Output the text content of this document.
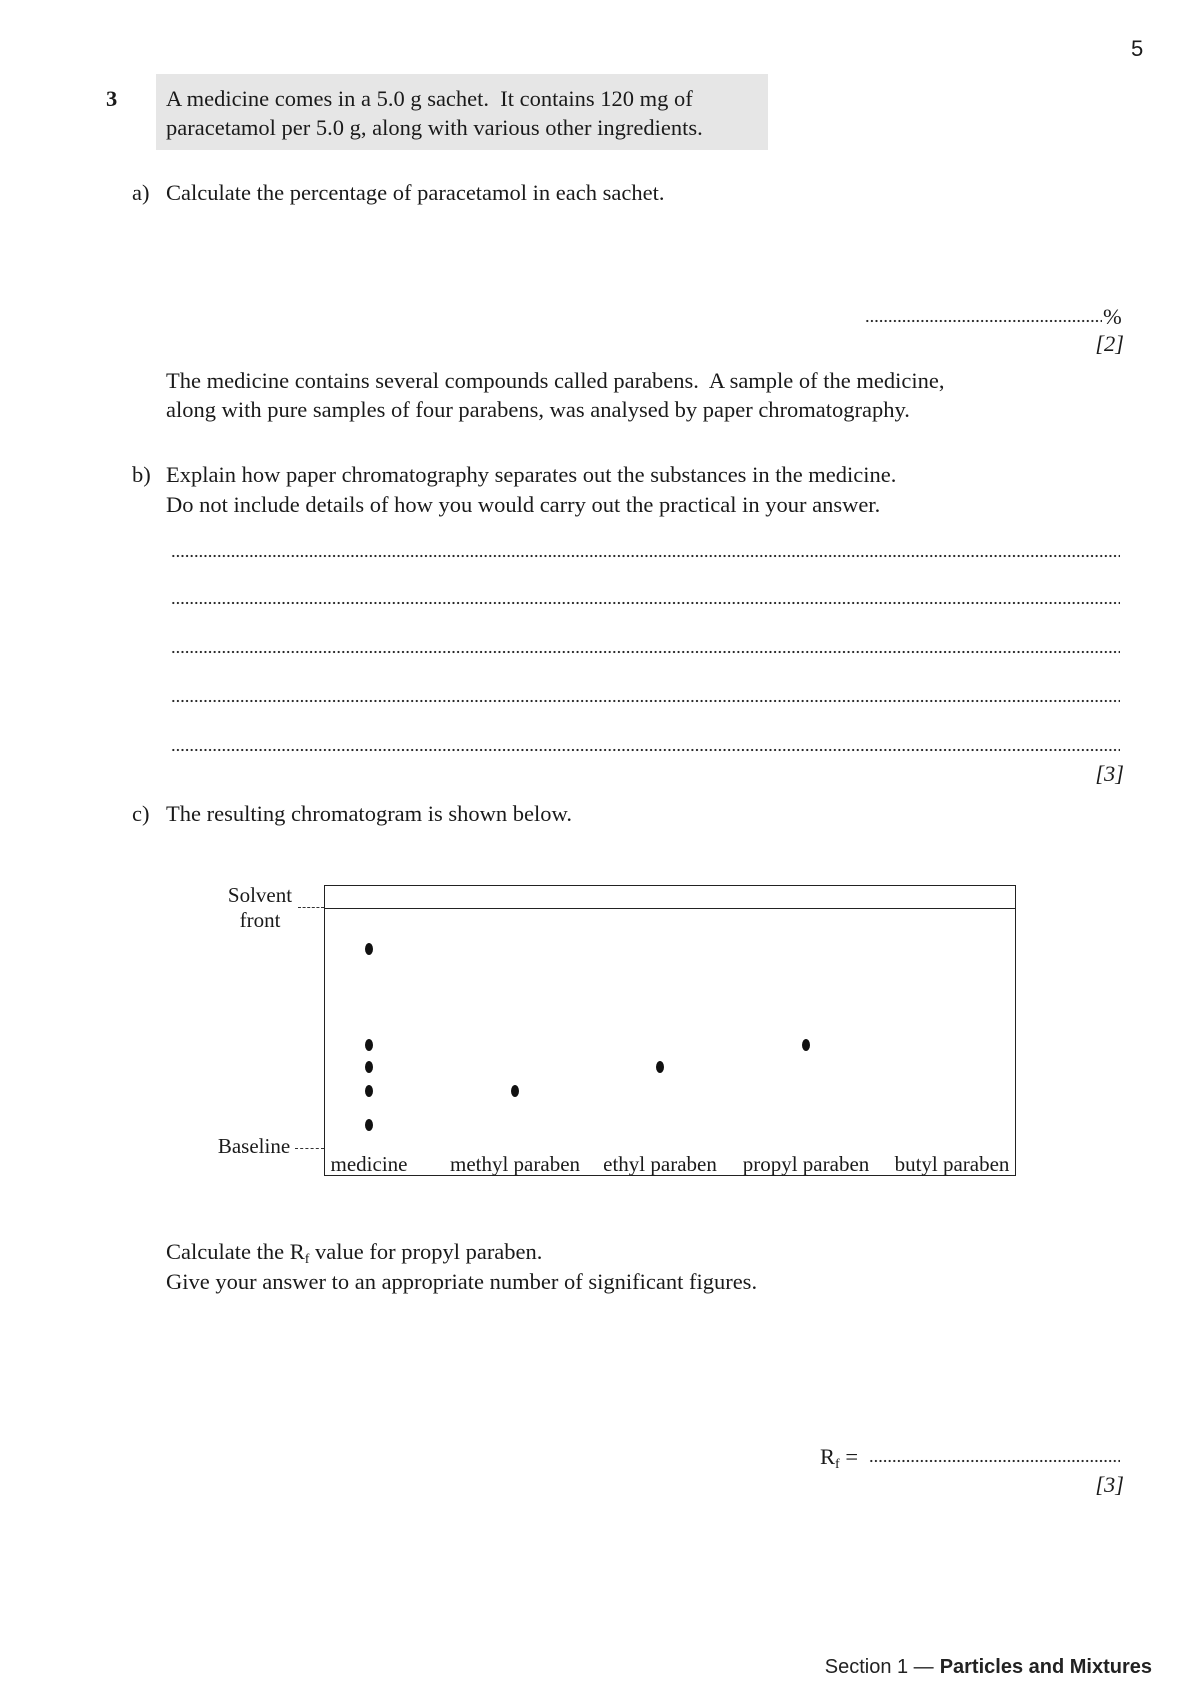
5
3 A medicine comes in a 5.0 g sachet.  It contains 120 mg of
paracetamol per 5.0 g, along with various other ingredients.
a) Calculate the percentage of paracetamol in each sachet.
%
[2]
The medicine contains several compounds called parabens.  A sample of the medicine,
along with pure samples of four parabens, was analysed by paper chromatography.
b) Explain how paper chromatography separates out the substances in the medicine.
Do not include details of how you would carry out the practical in your answer.
[3]
c) The resulting chromatogram is shown below.
Solvent
front
Baseline
medicine methyl paraben ethyl paraben propyl paraben butyl paraben
Calculate the $R_f$ value for propyl paraben.
Give your answer to an appropriate number of significant figures.
$R_f$ =
[3]
Section 1 — Particles and Mixtures
